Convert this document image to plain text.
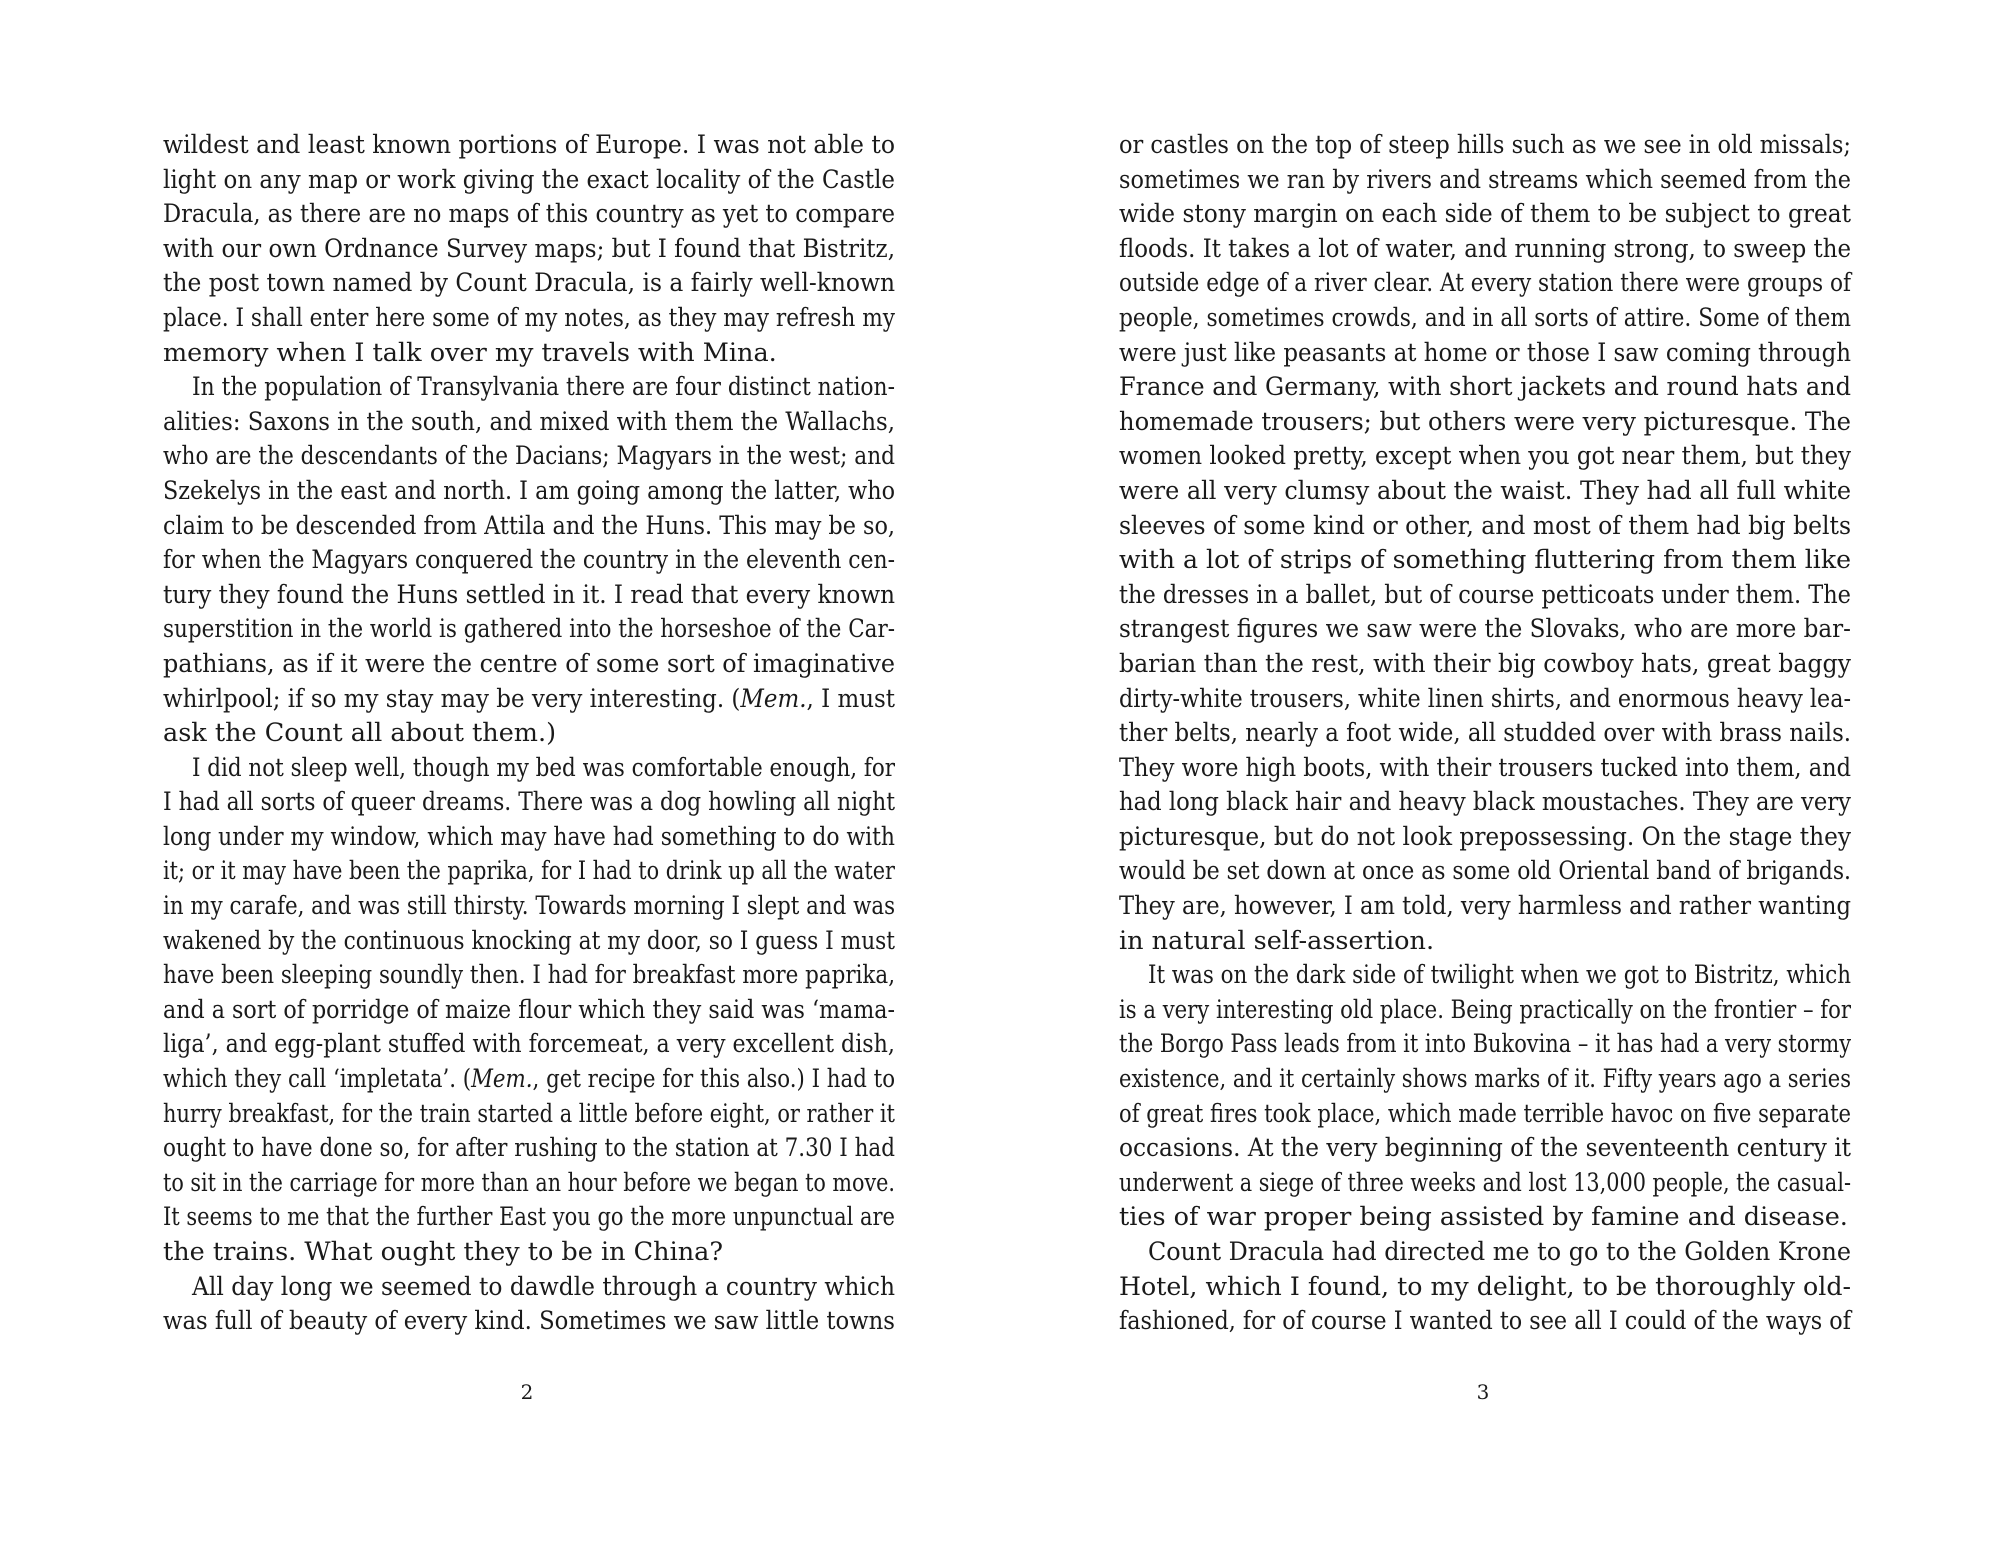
wildest and least known portions of Europe. I was not able to
light on any map or work giving the exact locality of the Castle
Dracula, as there are no maps of this country as yet to compare
with our own Ordnance Survey maps; but I found that Bistritz,
the post town named by Count Dracula, is a fairly well-known
place. I shall enter here some of my notes, as they may refresh my
memory when I talk over my travels with Mina.
In the population of Transylvania there are four distinct nation-
alities: Saxons in the south, and mixed with them the Wallachs,
who are the descendants of the Dacians; Magyars in the west; and
Szekelys in the east and north. I am going among the latter, who
claim to be descended from Attila and the Huns. This may be so,
for when the Magyars conquered the country in the eleventh cen-
tury they found the Huns settled in it. I read that every known
superstition in the world is gathered into the horseshoe of the Car-
pathians, as if it were the centre of some sort of imaginative
whirlpool; if so my stay may be very interesting. (Mem., I must
ask the Count all about them.)
I did not sleep well, though my bed was comfortable enough, for
I had all sorts of queer dreams. There was a dog howling all night
long under my window, which may have had something to do with
it; or it may have been the paprika, for I had to drink up all the water
in my carafe, and was still thirsty. Towards morning I slept and was
wakened by the continuous knocking at my door, so I guess I must
have been sleeping soundly then. I had for breakfast more paprika,
and a sort of porridge of maize flour which they said was ‘mama-
liga’, and egg-plant stuffed with forcemeat, a very excellent dish,
which they call ‘impletata’. (Mem., get recipe for this also.) I had to
hurry breakfast, for the train started a little before eight, or rather it
ought to have done so, for after rushing to the station at 7.30 I had
to sit in the carriage for more than an hour before we began to move.
It seems to me that the further East you go the more unpunctual are
the trains. What ought they to be in China?
All day long we seemed to dawdle through a country which
was full of beauty of every kind. Sometimes we saw little towns
2
or castles on the top of steep hills such as we see in old missals;
sometimes we ran by rivers and streams which seemed from the
wide stony margin on each side of them to be subject to great
floods. It takes a lot of water, and running strong, to sweep the
outside edge of a river clear. At every station there were groups of
people, sometimes crowds, and in all sorts of attire. Some of them
were just like peasants at home or those I saw coming through
France and Germany, with short jackets and round hats and
homemade trousers; but others were very picturesque. The
women looked pretty, except when you got near them, but they
were all very clumsy about the waist. They had all full white
sleeves of some kind or other, and most of them had big belts
with a lot of strips of something fluttering from them like
the dresses in a ballet, but of course petticoats under them. The
strangest figures we saw were the Slovaks, who are more bar-
barian than the rest, with their big cowboy hats, great baggy
dirty-white trousers, white linen shirts, and enormous heavy lea-
ther belts, nearly a foot wide, all studded over with brass nails.
They wore high boots, with their trousers tucked into them, and
had long black hair and heavy black moustaches. They are very
picturesque, but do not look prepossessing. On the stage they
would be set down at once as some old Oriental band of brigands.
They are, however, I am told, very harmless and rather wanting
in natural self-assertion.
It was on the dark side of twilight when we got to Bistritz, which
is a very interesting old place. Being practically on the frontier – for
the Borgo Pass leads from it into Bukovina – it has had a very stormy
existence, and it certainly shows marks of it. Fifty years ago a series
of great fires took place, which made terrible havoc on five separate
occasions. At the very beginning of the seventeenth century it
underwent a siege of three weeks and lost 13,000 people, the casual-
ties of war proper being assisted by famine and disease.
Count Dracula had directed me to go to the Golden Krone
Hotel, which I found, to my delight, to be thoroughly old-
fashioned, for of course I wanted to see all I could of the ways of
3
